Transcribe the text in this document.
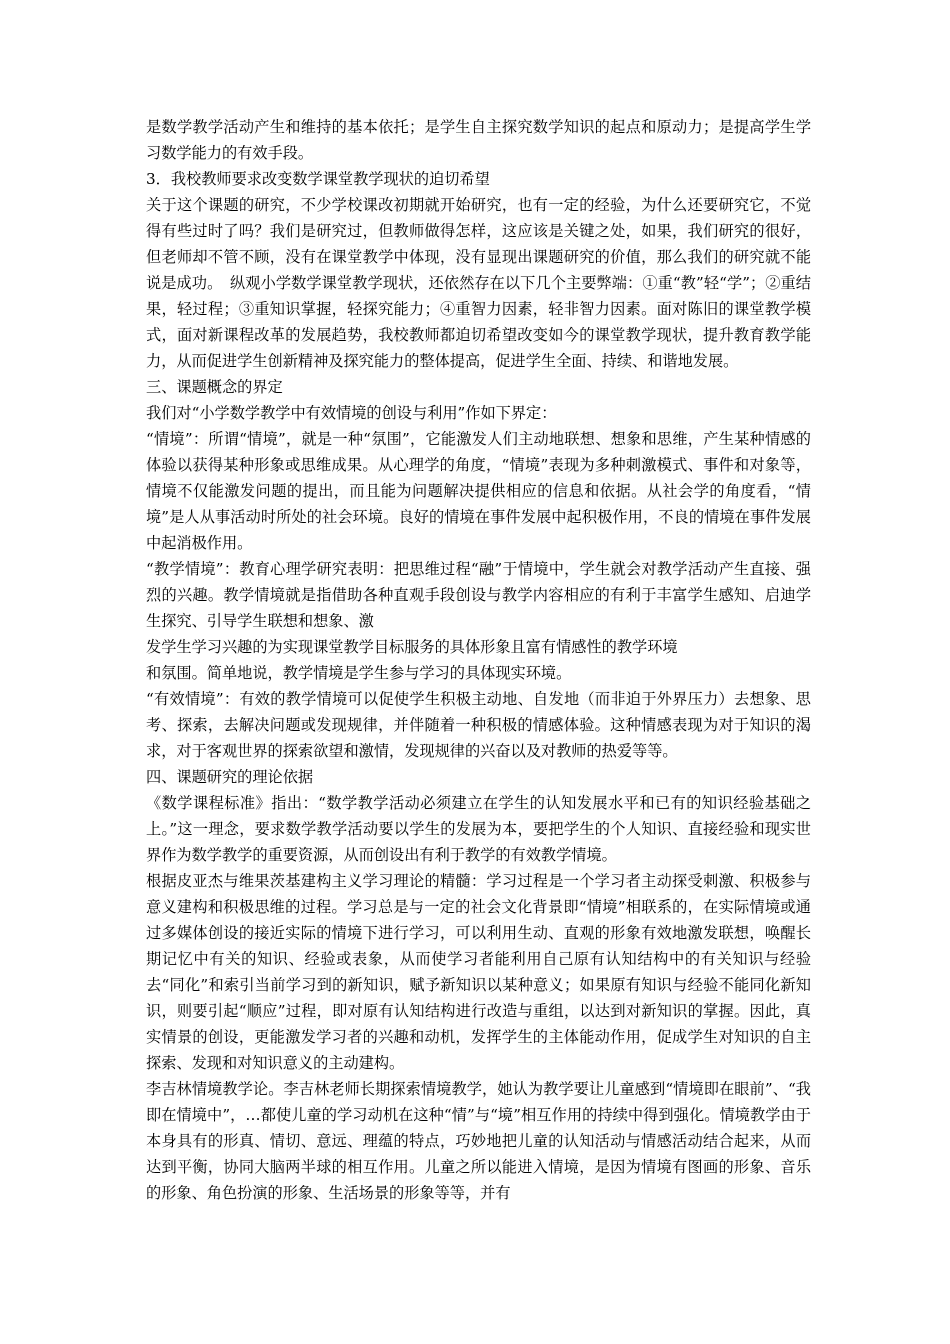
是数学教学活动产生和维持的基本依托；是学生自主探究数学知识的起点和原动力；是提高学生学习数学能力的有效手段。

3．我校教师要求改变数学课堂教学现状的迫切希望

关于这个课题的研究，不少学校课改初期就开始研究，也有一定的经验，为什么还要研究它，不觉得有些过时了吗？我们是研究过，但教师做得怎样，这应该是关键之处，如果，我们研究的很好，但老师却不管不顾，没有在课堂教学中体现，没有显现出课题研究的价值，那么我们的研究就不能说是成功。　纵观小学数学课堂教学现状，还依然存在以下几个主要弊端：①重“教”轻“学”；②重结果，轻过程；③重知识掌握，轻探究能力；④重智力因素，轻非智力因素。面对陈旧的课堂教学模式，面对新课程改革的发展趋势，我校教师都迫切希望改变如今的课堂教学现状，提升教育教学能力，从而促进学生创新精神及探究能力的整体提高，促进学生全面、持续、和谐地发展。

三、课题概念的界定

我们对“小学数学教学中有效情境的创设与利用”作如下界定：

“情境”：所谓“情境”，就是一种“氛围”，它能激发人们主动地联想、想象和思维，产生某种情感的体验以获得某种形象或思维成果。从心理学的角度，“情境”表现为多种刺激模式、事件和对象等，情境不仅能激发问题的提出，而且能为问题解决提供相应的信息和依据。从社会学的角度看，“情境”是人从事活动时所处的社会环境。良好的情境在事件发展中起积极作用，不良的情境在事件发展中起消极作用。

“教学情境”：教育心理学研究表明：把思维过程“融”于情境中，学生就会对教学活动产生直接、强烈的兴趣。教学情境就是指借助各种直观手段创设与教学内容相应的有利于丰富学生感知、启迪学生探究、引导学生联想和想象、激

发学生学习兴趣的为实现课堂教学目标服务的具体形象且富有情感性的教学环境

和氛围。简单地说，教学情境是学生参与学习的具体现实环境。

“有效情境”：有效的教学情境可以促使学生积极主动地、自发地（而非迫于外界压力）去想象、思考、探索，去解决问题或发现规律，并伴随着一种积极的情感体验。这种情感表现为对于知识的渴求，对于客观世界的探索欲望和激情，发现规律的兴奋以及对教师的热爱等等。

四、课题研究的理论依据

《数学课程标准》指出：“数学教学活动必须建立在学生的认知发展水平和已有的知识经验基础之上。”这一理念，要求数学教学活动要以学生的发展为本，要把学生的个人知识、直接经验和现实世界作为数学教学的重要资源，从而创设出有利于教学的有效教学情境。

根据皮亚杰与维果茨基建构主义学习理论的精髓：学习过程是一个学习者主动探受刺激、积极参与意义建构和积极思维的过程。学习总是与一定的社会文化背景即“情境”相联系的，在实际情境或通过多媒体创设的接近实际的情境下进行学习，可以利用生动、直观的形象有效地激发联想，唤醒长期记忆中有关的知识、经验或表象，从而使学习者能利用自己原有认知结构中的有关知识与经验去“同化”和索引当前学习到的新知识，赋予新知识以某种意义；如果原有知识与经验不能同化新知识，则要引起“顺应”过程，即对原有认知结构进行改造与重组，以达到对新知识的掌握。因此，真实情景的创设，更能激发学习者的兴趣和动机，发挥学生的主体能动作用，促成学生对知识的自主探索、发现和对知识意义的主动建构。

李吉林情境教学论。李吉林老师长期探索情境教学，她认为教学要让儿童感到“情境即在眼前”、“我即在情境中”，…都使儿童的学习动机在这种“情”与“境”相互作用的持续中得到强化。情境教学由于本身具有的形真、情切、意远、理蕴的特点，巧妙地把儿童的认知活动与情感活动结合起来，从而达到平衡，协同大脑两半球的相互作用。儿童之所以能进入情境，是因为情境有图画的形象、音乐的形象、角色扮演的形象、生活场景的形象等等，并有
